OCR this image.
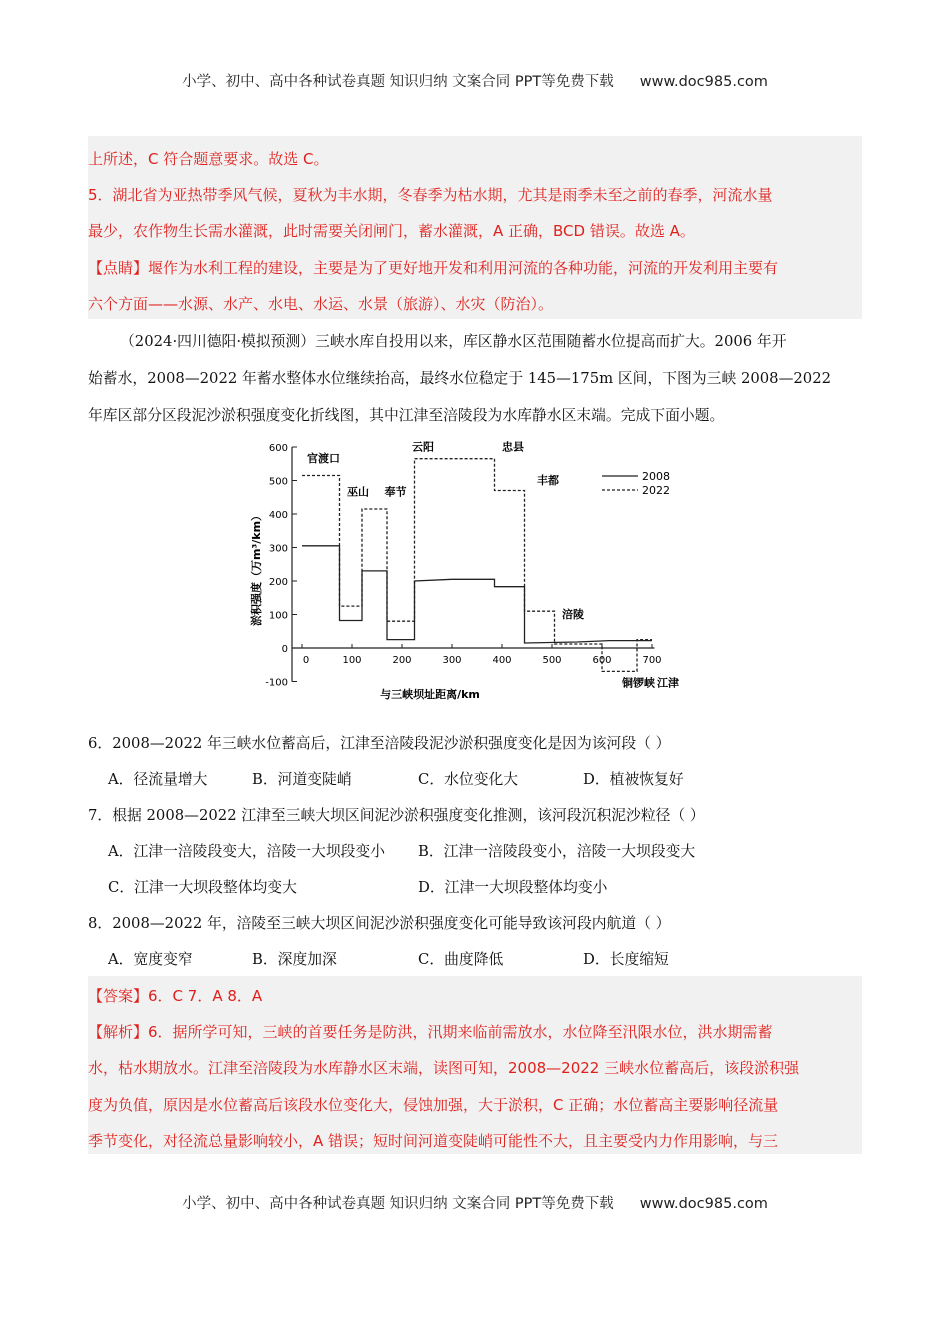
小学、初中、高中各种试卷真题 知识归纳 文案合同 PPT等免费下载 www.doc985.com
上所述，C 符合题意要求。故选 C。
5．湖北省为亚热带季风气候，夏秋为丰水期，冬春季为枯水期，尤其是雨季未至之前的春季，河流水量
最少，农作物生长需水灌溉，此时需要关闭闸门，蓄水灌溉，A 正确，BCD 错误。故选 A。
【点睛】堰作为水利工程的建设，主要是为了更好地开发和利用河流的各种功能，河流的开发利用主要有
六个方面——水源、水产、水电、水运、水景（旅游）、水灾（防治）。
（2024·四川德阳·模拟预测）三峡水库自投用以来，库区静水区范围随蓄水位提高而扩大。2006 年开
始蓄水，2008—2022 年蓄水整体水位继续抬高，最终水位稳定于 145—175m 区间，下图为三峡 2008—2022
年库区部分区段泥沙淤积强度变化折线图，其中江津至涪陵段为水库静水区末端。完成下面小题。
600
500
400
300
200
100
0
-100
0	100	200	300	400	500	600	700
官渡口
巫山 奉节
云阳	忠县
丰都
涪陵
铜锣峡 江津
2008
2022
淤积强度（万m³/km）
与三峡坝址距离/km
6．2008—2022 年三峡水位蓄高后，江津至涪陵段泥沙淤积强度变化是因为该河段（ ）
A．径流量增大	B．河道变陡峭	C．水位变化大	D．植被恢复好
7．根据 2008—2022 江津至三峡大坝区间泥沙淤积强度变化推测，该河段沉积泥沙粒径（ ）
A．江津一涪陵段变大，涪陵一大坝段变小 B．江津一涪陵段变小，涪陵一大坝段变大
C．江津一大坝段整体均变大	D．江津一大坝段整体均变小
8．2008—2022 年，涪陵至三峡大坝区间泥沙淤积强度变化可能导致该河段内航道（ ）
A．宽度变窄	B．深度加深	C．曲度降低	D．长度缩短
【答案】6．C 7．A 8．A
【解析】6．据所学可知，三峡的首要任务是防洪，汛期来临前需放水，水位降至汛限水位，洪水期需蓄
水，枯水期放水。江津至涪陵段为水库静水区末端，读图可知，2008—2022 三峡水位蓄高后，该段淤积强
度为负值，原因是水位蓄高后该段水位变化大，侵蚀加强，大于淤积，C 正确；水位蓄高主要影响径流量
季节变化，对径流总量影响较小，A 错误；短时间河道变陡峭可能性不大，且主要受内力作用影响，与三
小学、初中、高中各种试卷真题 知识归纳 文案合同 PPT等免费下载 www.doc985.com
